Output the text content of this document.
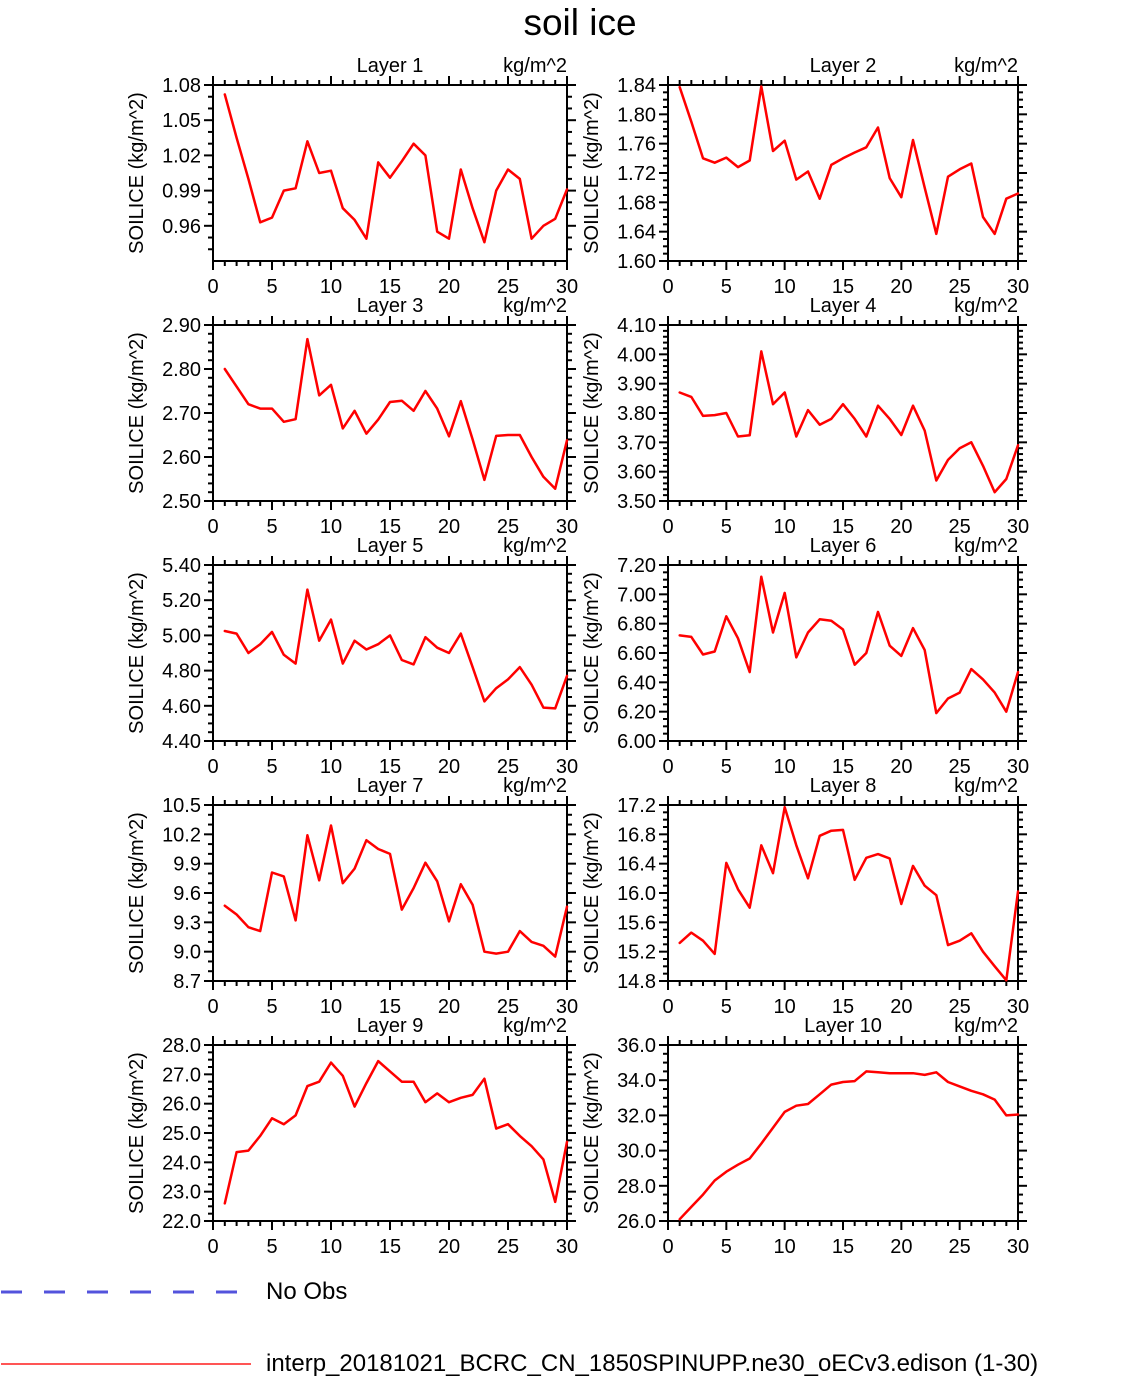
soil ice
Layer 1	kg/m^2
SOILICE (kg/m^2)
0 5 10 15 20 25 30
0.96
0.99
1.02
1.05
1.08
Layer 2	kg/m^2
SOILICE (kg/m^2)
0 5 10 15 20 25 30
1.60
1.64
1.68
1.72
1.76
1.80
1.84
Layer 3	kg/m^2
SOILICE (kg/m^2)
0 5 10 15 20 25 30
2.50
2.60
2.70
2.80
2.90
Layer 4	kg/m^2
SOILICE (kg/m^2)
0 5 10 15 20 25 30
3.50
3.60
3.70
3.80
3.90
4.00
4.10
Layer 5	kg/m^2
SOILICE (kg/m^2)
0 5 10 15 20 25 30
4.40
4.60
4.80
5.00
5.20
5.40
Layer 6	kg/m^2
SOILICE (kg/m^2)
0 5 10 15 20 25 30
6.00
6.20
6.40
6.60
6.80
7.00
7.20
Layer 7	kg/m^2
SOILICE (kg/m^2)
0 5 10 15 20 25 30
8.7
9.0
9.3
9.6
9.9
10.2
10.5
Layer 8	kg/m^2
SOILICE (kg/m^2)
0 5 10 15 20 25 30
14.8
15.2
15.6
16.0
16.4
16.8
17.2
Layer 9	kg/m^2
SOILICE (kg/m^2)
0 5 10 15 20 25 30
22.0
23.0
24.0
25.0
26.0
27.0
28.0
Layer 10	kg/m^2
SOILICE (kg/m^2)
0 5 10 15 20 25 30
26.0
28.0
30.0
32.0
34.0
36.0
No Obs
interp_20181021_BCRC_CN_1850SPINUPP.ne30_oECv3.edison (1-30)
